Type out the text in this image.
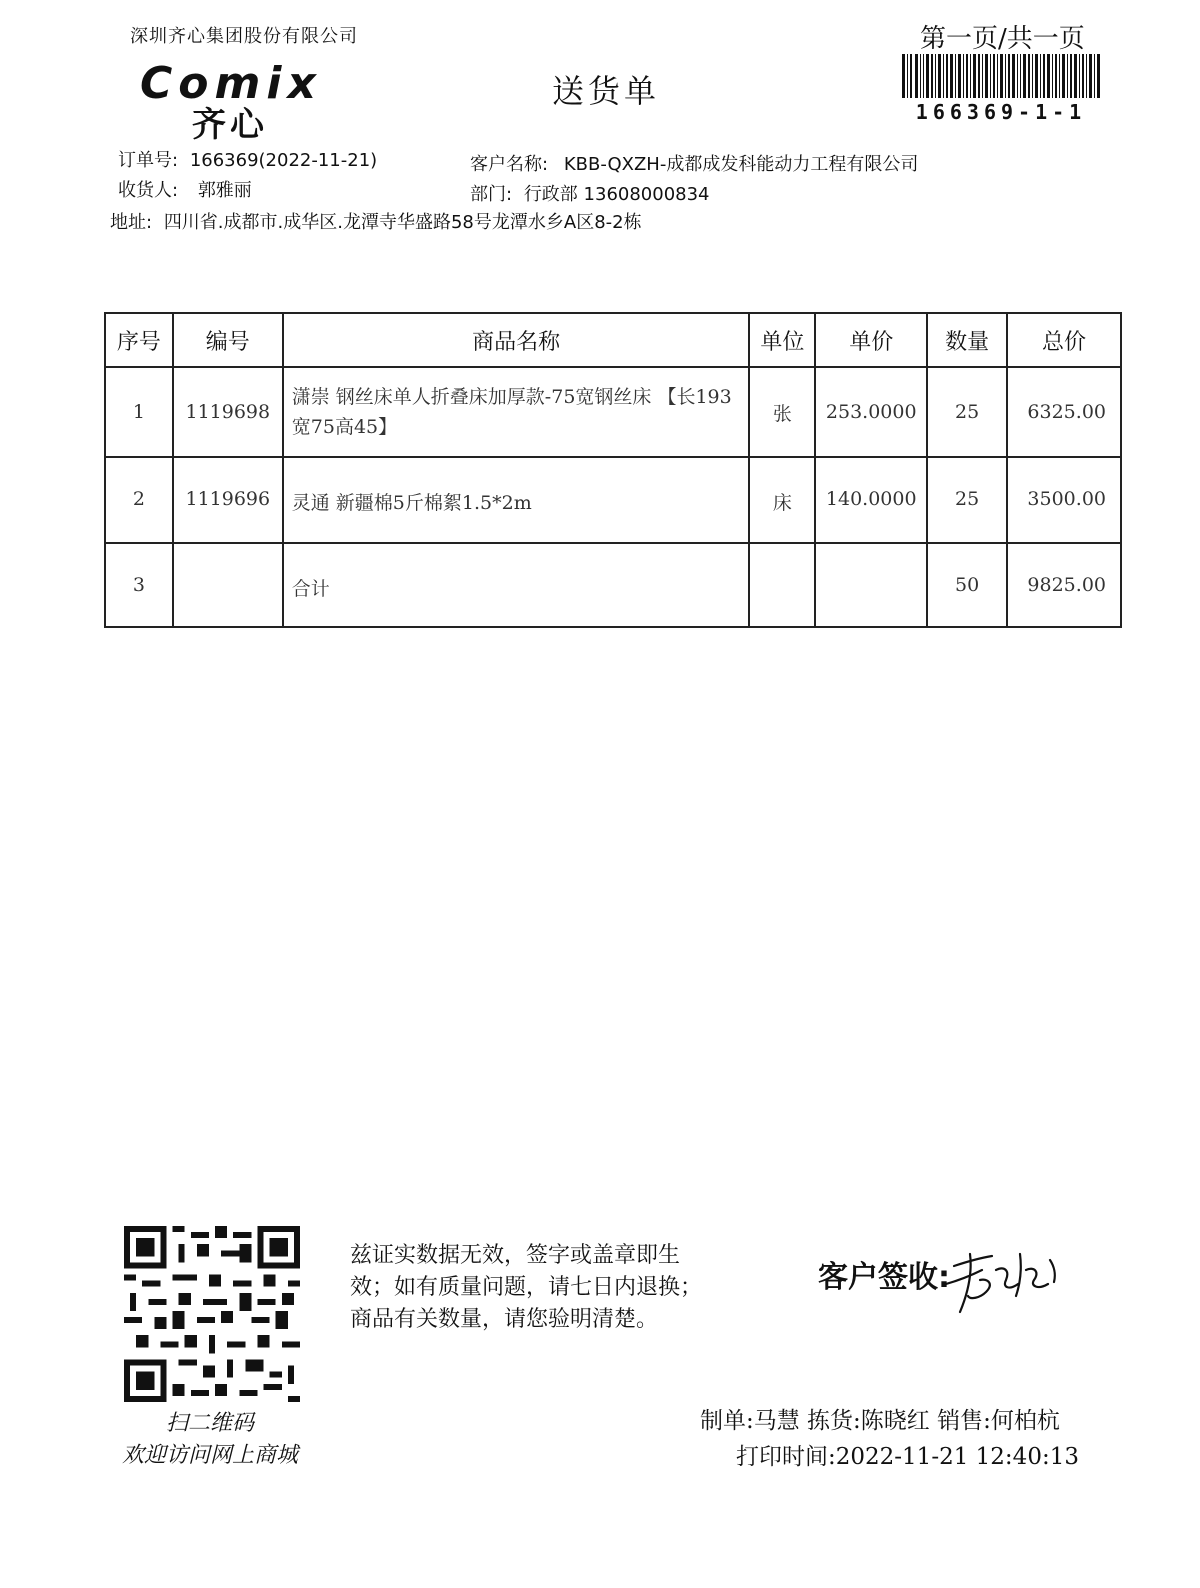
深圳齐心集团股份有限公司	第一页/共一页
Comix
齐心
送货单
166369-1-1
订单号: 166369(2022-11-21)
收货人: 郭雅丽
客户名称: KBB-QXZH-成都成发科能动力工程有限公司
部门: 行政部 13608000834
地址: 四川省.成都市.成华区.龙潭寺华盛路58号龙潭水乡A区8-2栋
序号	编号	商品名称	单位	单价	数量	总价
1	1119698	潇崇 钢丝床单人折叠床加厚款-75宽钢丝床 【长193宽75高45】	张	253.0000	25	6325.00
2	1119696	灵通 新疆棉5斤棉絮1.5*2m	床	140.0000	25	3500.00
3		合计			50	9825.00
扫二维码
欢迎访问网上商城
兹证实数据无效，签字或盖章即生
效；如有质量问题，请七日内退换；
商品有关数量，请您验明清楚。
客户签收:
制单:马慧 拣货:陈晓红 销售:何柏杭
打印时间:2022-11-21 12:40:13
